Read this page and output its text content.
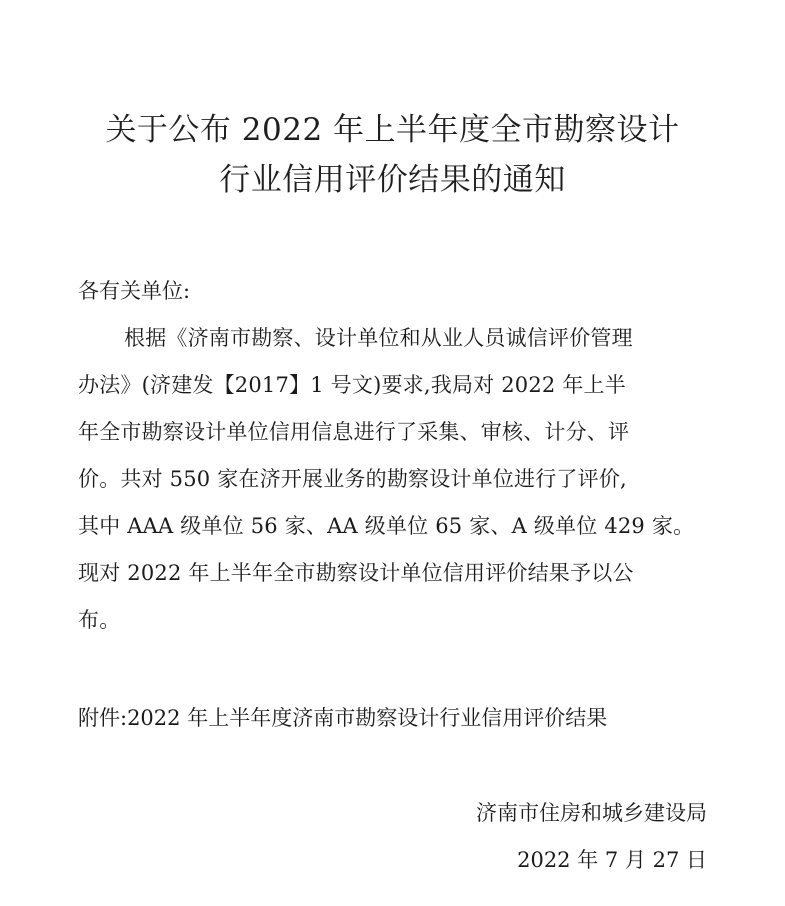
关于公布 2022 年上半年度全市勘察设计
行业信用评价结果的通知
各有关单位:
根据《济南市勘察、设计单位和从业人员诚信评价管理
办法》(济建发【2017】1 号文)要求,我局对 2022 年上半
年全市勘察设计单位信用信息进行了采集、审核、计分、评
价。共对 550 家在济开展业务的勘察设计单位进行了评价,
其中 AAA 级单位 56 家、AA 级单位 65 家、A 级单位 429 家。
现对 2022 年上半年全市勘察设计单位信用评价结果予以公
布。
附件:2022 年上半年度济南市勘察设计行业信用评价结果
济南市住房和城乡建设局
2022 年 7 月 27 日
